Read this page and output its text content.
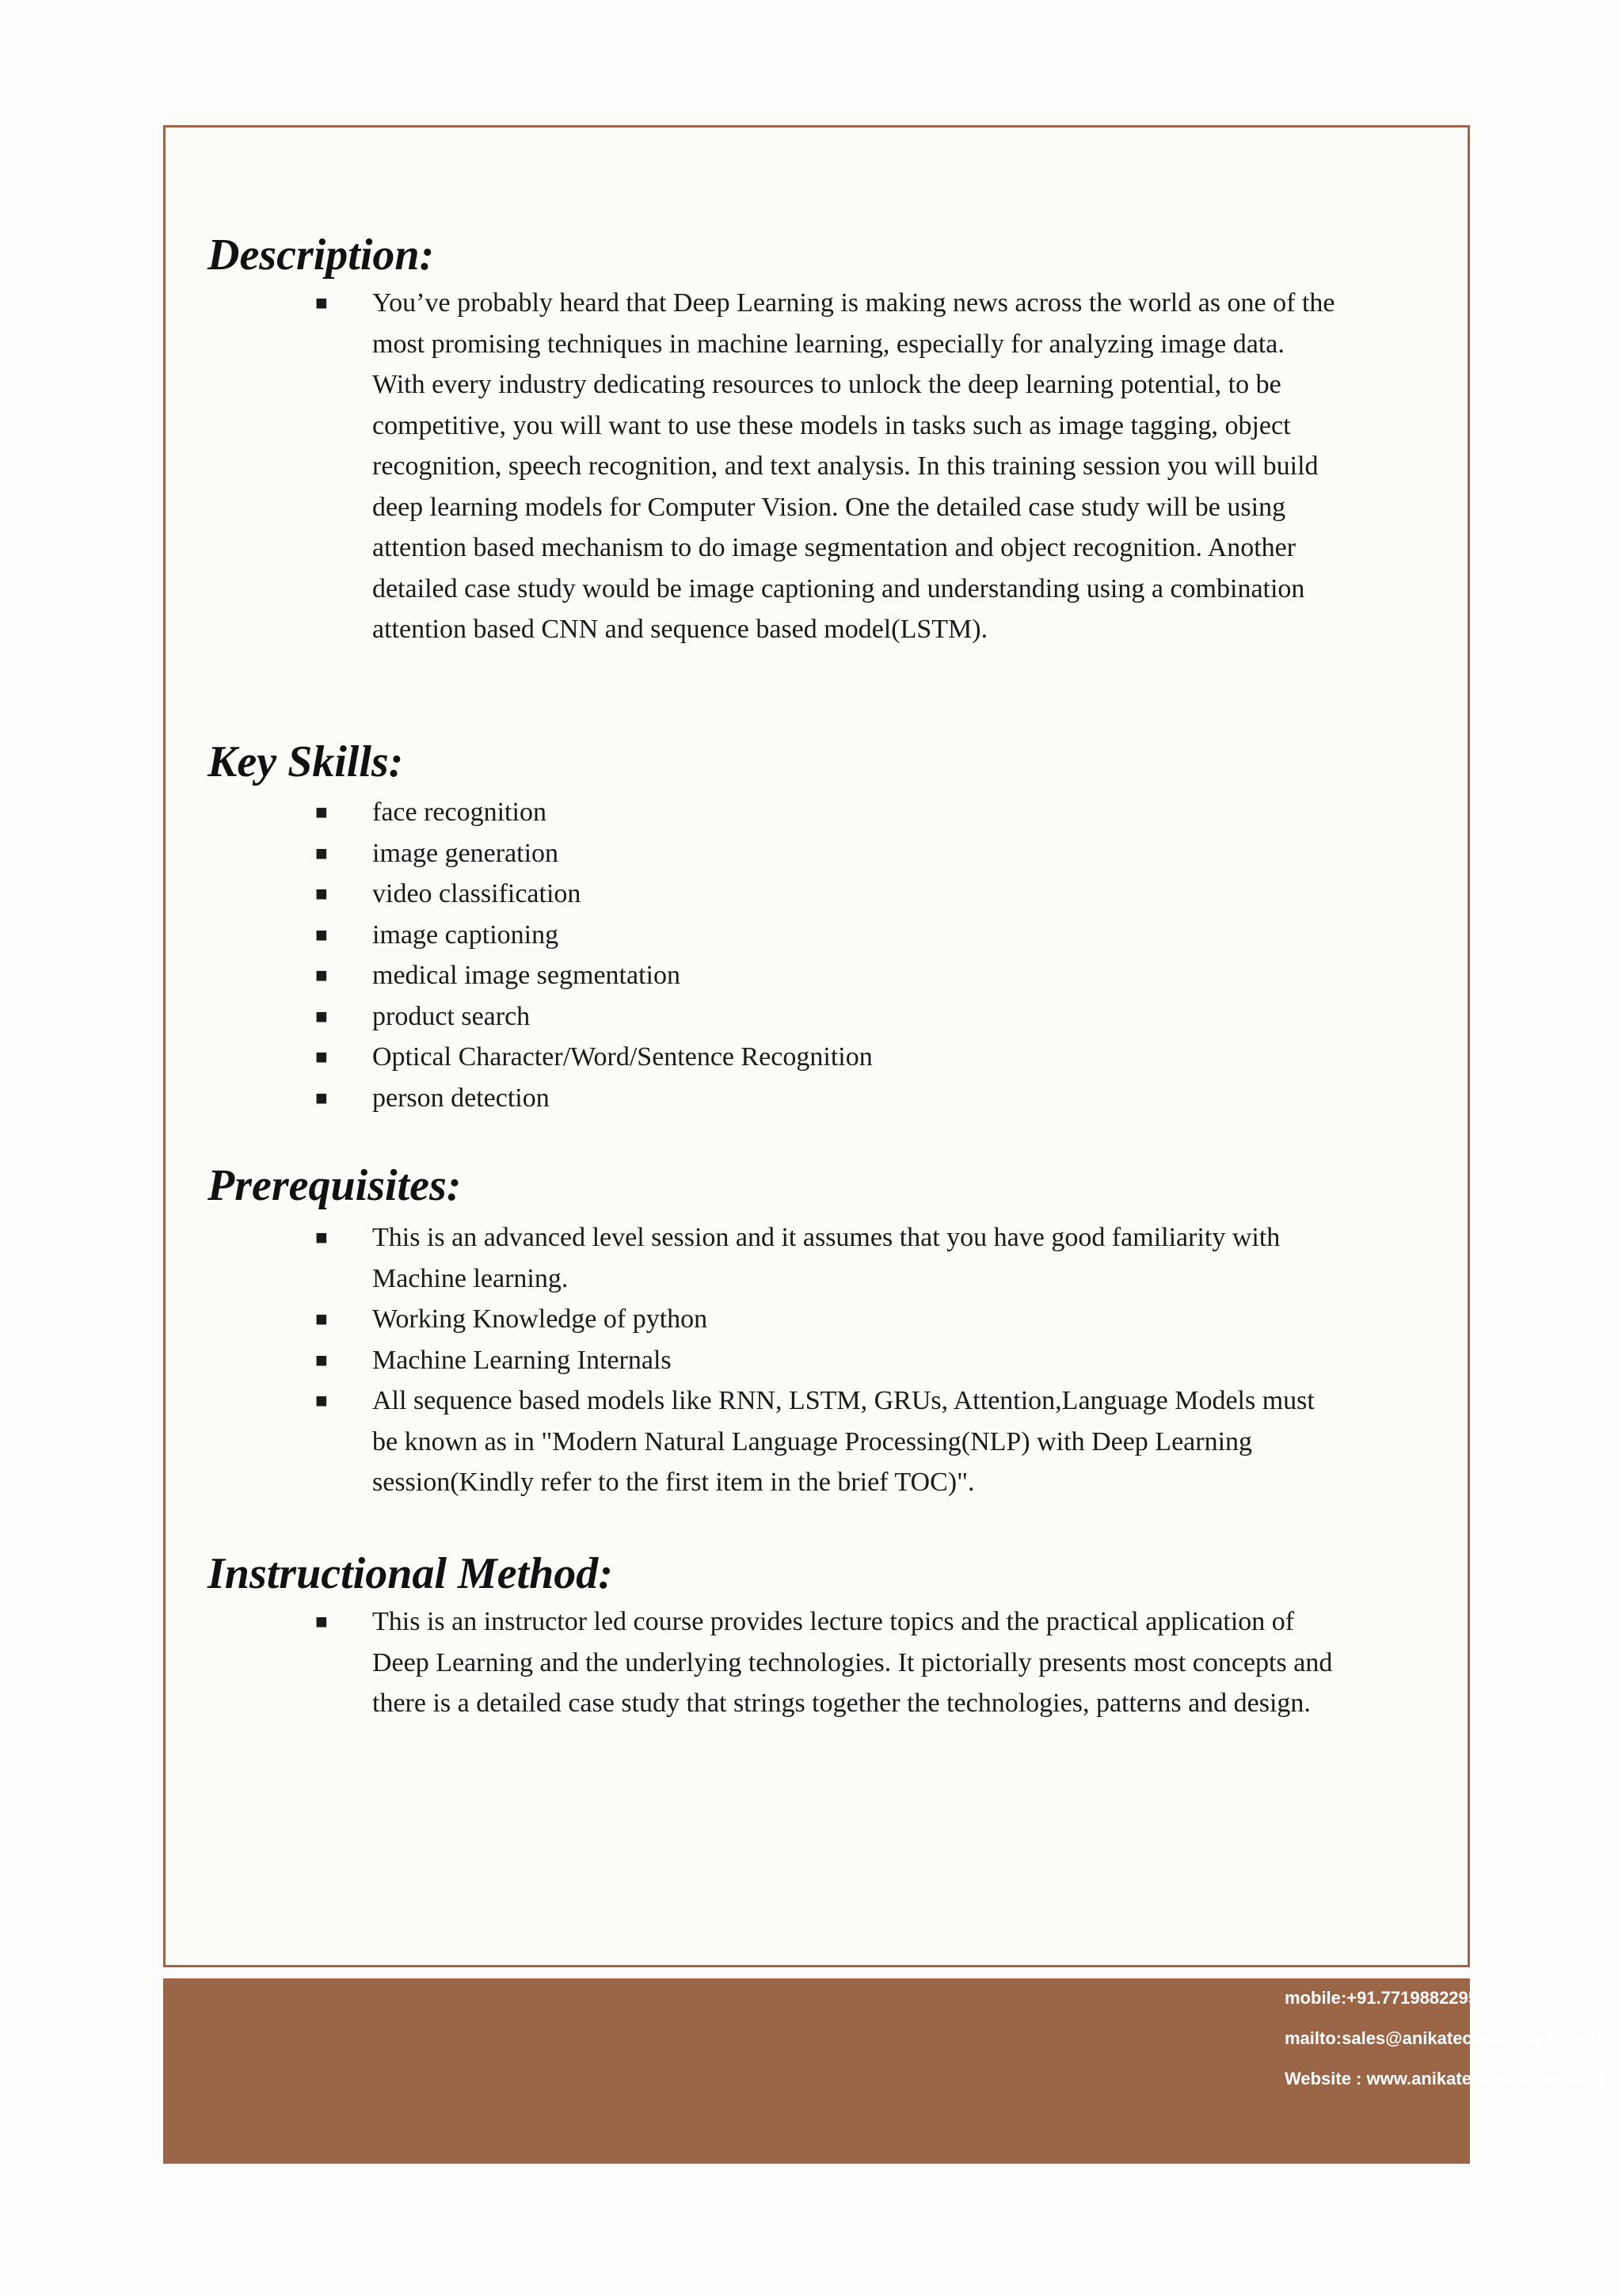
Description:
■ You’ve probably heard that Deep Learning is making news across the world as one of the most promising techniques in machine learning, especially for analyzing image data. With every industry dedicating resources to unlock the deep learning potential, to be competitive, you will want to use these models in tasks such as image tagging, object recognition, speech recognition, and text analysis. In this training session you will build deep learning models for Computer Vision. One the detailed case study will be using attention based mechanism to do image segmentation and object recognition. Another detailed case study would be image captioning and understanding using a combination attention based CNN and sequence based model(LSTM).
Key Skills:
■ face recognition
■ image generation
■ video classification
■ image captioning
■ medical image segmentation
■ product search
■ Optical Character/Word/Sentence Recognition
■ person detection
Prerequisites:
■ This is an advanced level session and it assumes that you have good familiarity with Machine learning.
■ Working Knowledge of python
■ Machine Learning Internals
■ All sequence based models like RNN, LSTM, GRUs, Attention,Language Models must be known as in "Modern Natural Language Processing(NLP) with Deep Learning session(Kindly refer to the first item in the brief TOC)".
Instructional Method:
■ This is an instructor led course provides lecture topics and the practical application of Deep Learning and the underlying technologies. It pictorially presents most concepts and there is a detailed case study that strings together the technologies, patterns and design.
mobile:+91.7719882295
mailto:sales@anikatechnologies.com
Website : www.anikatechnologies.com
